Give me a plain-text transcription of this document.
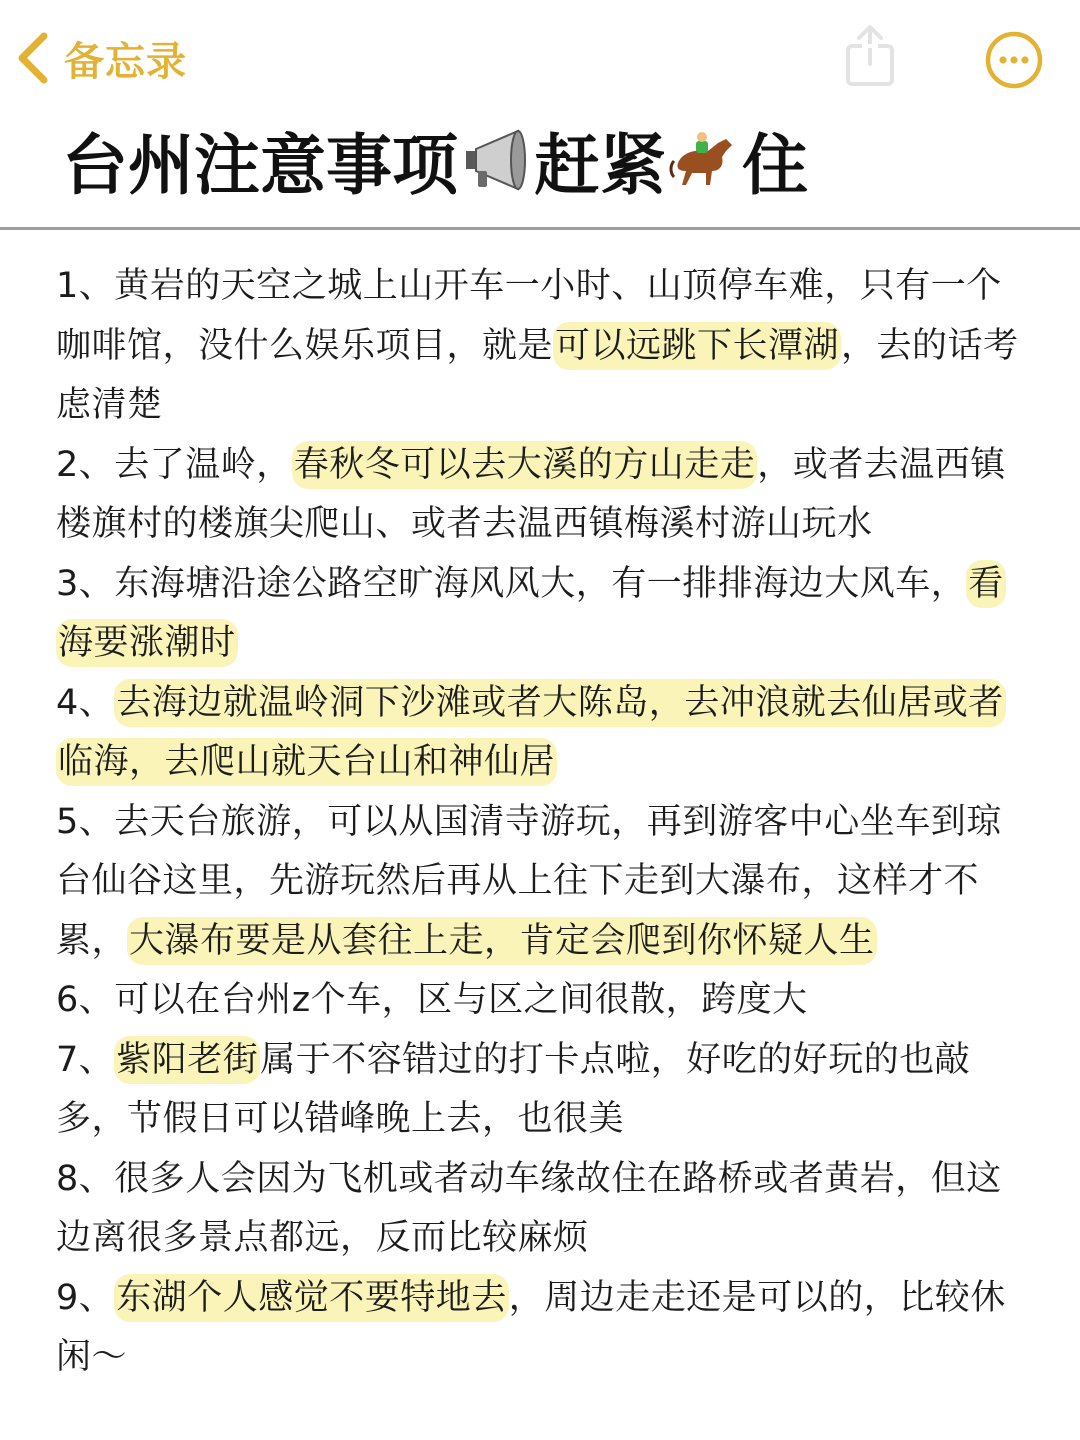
备忘录
台州注意事项 赶紧 住

1、黄岩的天空之城上山开车一小时、山顶停车难，只有一个咖啡馆，没什么娱乐项目，就是可以远跳下长潭湖，去的话考虑清楚

2、去了温岭，春秋冬可以去大溪的方山走走，或者去温西镇楼旗村的楼旗尖爬山、或者去温西镇梅溪村游山玩水

3、东海塘沿途公路空旷海风风大，有一排排海边大风车，看海要涨潮时

4、去海边就温岭洞下沙滩或者大陈岛，去冲浪就去仙居或者临海，去爬山就天台山和神仙居

5、去天台旅游，可以从国清寺游玩，再到游客中心坐车到琼台仙谷这里，先游玩然后再从上往下走到大瀑布，这样才不累，大瀑布要是从套往上走，肯定会爬到你怀疑人生

6、可以在台州z个车，区与区之间很散，跨度大

7、紫阳老街属于不容错过的打卡点啦，好吃的好玩的也敲多，节假日可以错峰晚上去，也很美

8、很多人会因为飞机或者动车缘故住在路桥或者黄岩，但这边离很多景点都远，反而比较麻烦

9、东湖个人感觉不要特地去，周边走走还是可以的，比较休闲～
